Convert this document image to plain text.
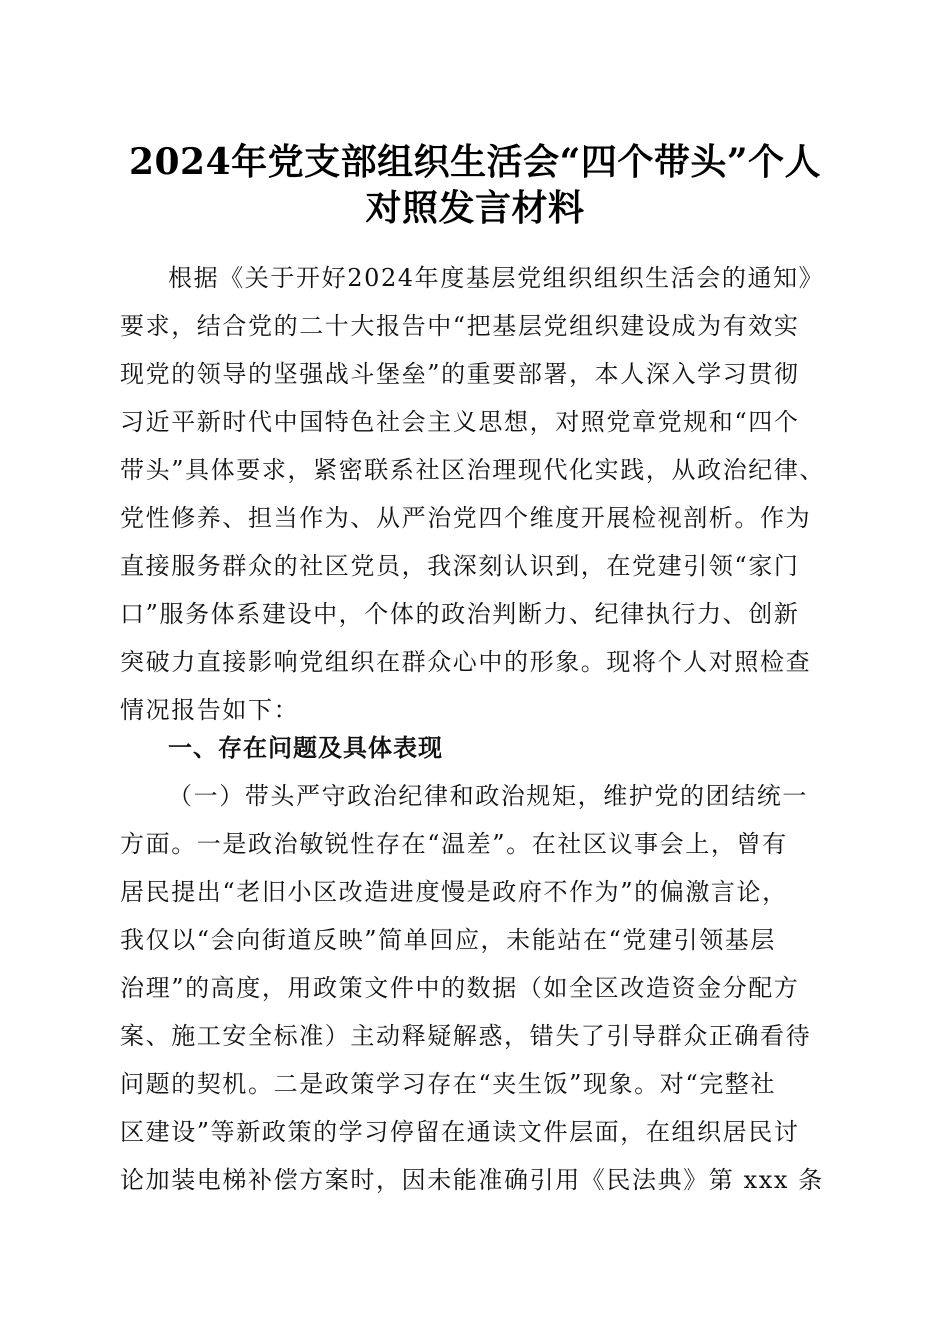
2024年党支部组织生活会“四个带头”个人
对照发言材料
根据《关于开好2024年度基层党组织组织生活会的通知》
要求，结合党的二十大报告中“把基层党组织建设成为有效实
现党的领导的坚强战斗堡垒”的重要部署，本人深入学习贯彻
习近平新时代中国特色社会主义思想，对照党章党规和“四个
带头”具体要求，紧密联系社区治理现代化实践，从政治纪律、
党性修养、担当作为、从严治党四个维度开展检视剖析。作为
直接服务群众的社区党员，我深刻认识到，在党建引领“家门
口”服务体系建设中，个体的政治判断力、纪律执行力、创新
突破力直接影响党组织在群众心中的形象。现将个人对照检查
情况报告如下：
一、存在问题及具体表现
（一）带头严守政治纪律和政治规矩，维护党的团结统一
方面。一是政治敏锐性存在“温差”。在社区议事会上，曾有
居民提出“老旧小区改造进度慢是政府不作为”的偏激言论，
我仅以“会向街道反映”简单回应，未能站在“党建引领基层
治理”的高度，用政策文件中的数据（如全区改造资金分配方
案、施工安全标准）主动释疑解惑，错失了引导群众正确看待
问题的契机。二是政策学习存在“夹生饭”现象。对“完整社
区建设”等新政策的学习停留在通读文件层面，在组织居民讨
论加装电梯补偿方案时，因未能准确引用《民法典》第 xxx 条
